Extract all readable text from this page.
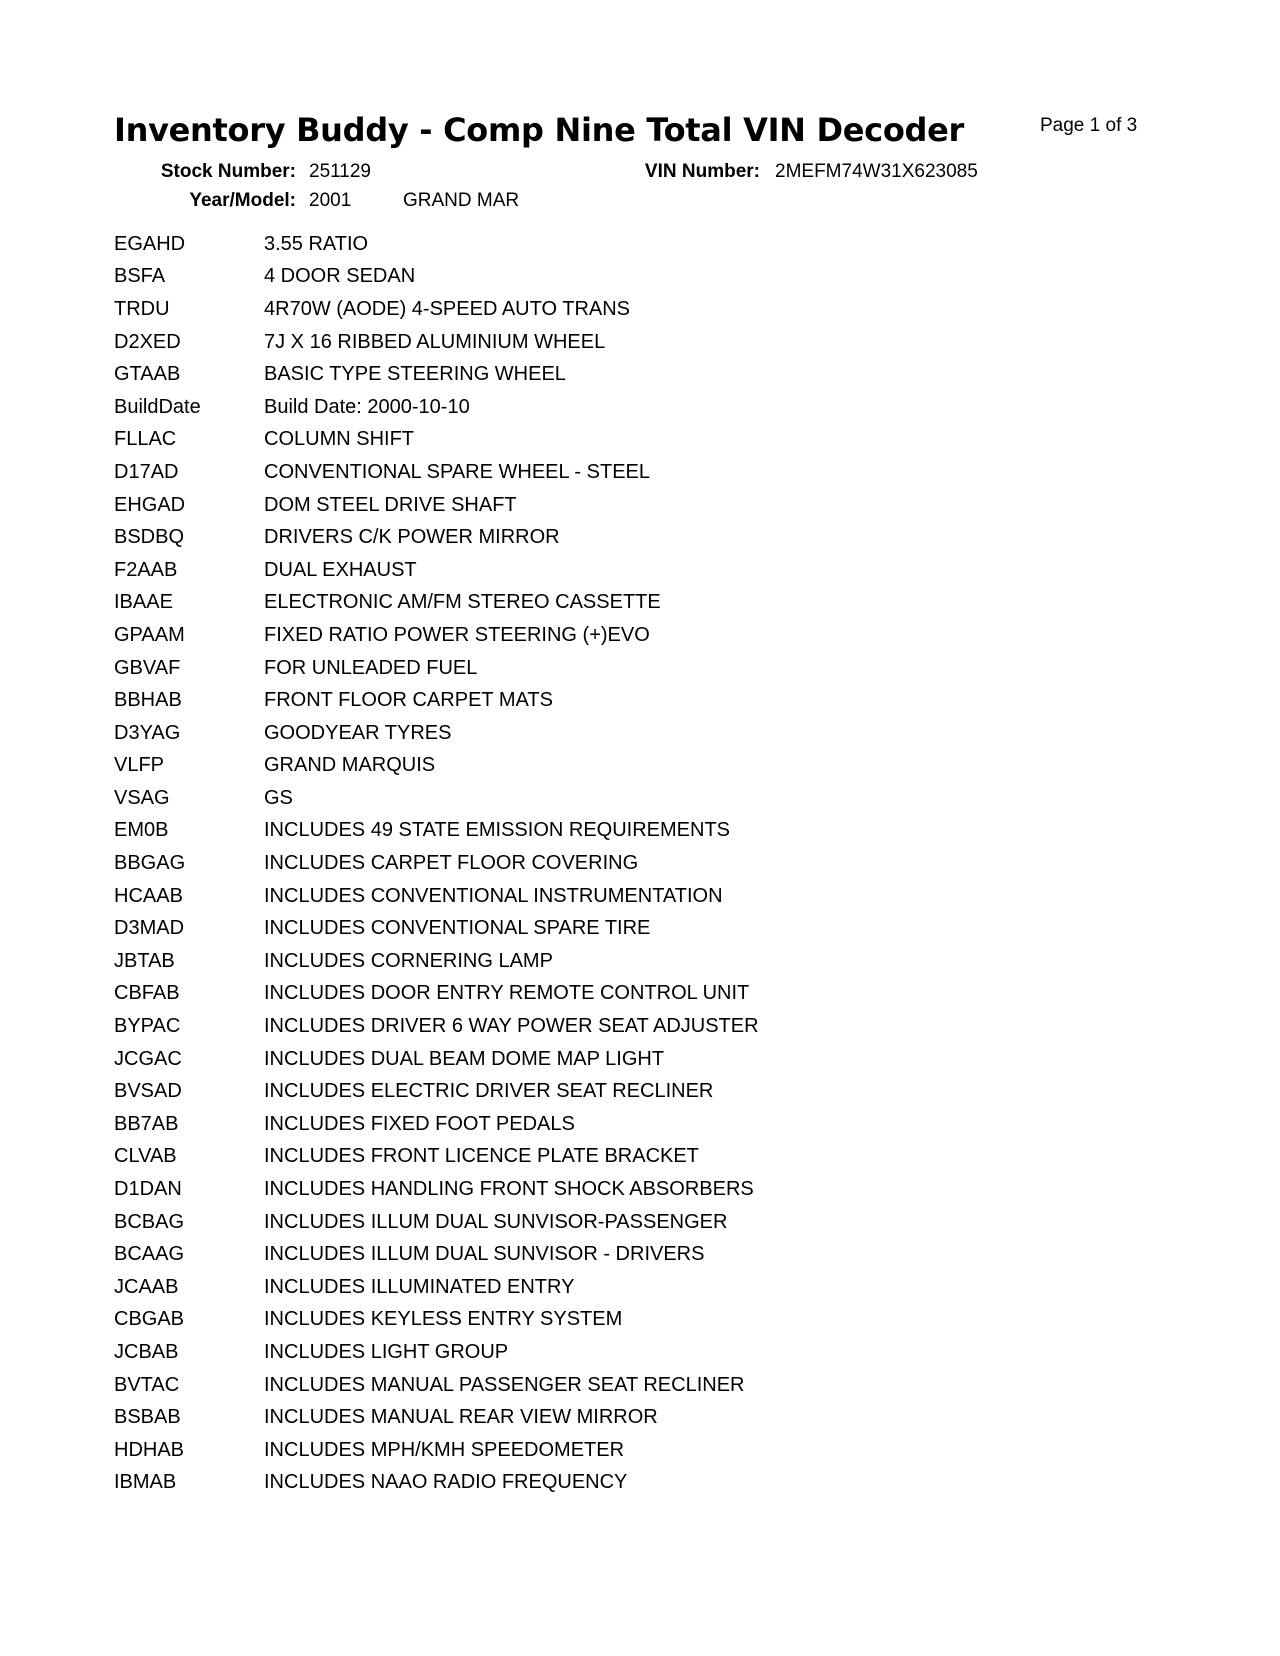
Inventory Buddy - Comp Nine Total VIN Decoder	Page 1 of 3
Stock Number: 251129	VIN Number: 2MEFM74W31X623085
Year/Model: 2001	GRAND MAR
EGAHD	3.55 RATIO
BSFA	4 DOOR SEDAN
TRDU	4R70W (AODE) 4-SPEED AUTO TRANS
D2XED	7J X 16 RIBBED ALUMINIUM WHEEL
GTAAB	BASIC TYPE STEERING WHEEL
BuildDate	Build Date: 2000-10-10
FLLAC	COLUMN SHIFT
D17AD	CONVENTIONAL SPARE WHEEL - STEEL
EHGAD	DOM STEEL DRIVE SHAFT
BSDBQ	DRIVERS C/K POWER MIRROR
F2AAB	DUAL EXHAUST
IBAAE	ELECTRONIC AM/FM STEREO CASSETTE
GPAAM	FIXED RATIO POWER STEERING (+)EVO
GBVAF	FOR UNLEADED FUEL
BBHAB	FRONT FLOOR CARPET MATS
D3YAG	GOODYEAR TYRES
VLFP	GRAND MARQUIS
VSAG	GS
EM0B	INCLUDES 49 STATE EMISSION REQUIREMENTS
BBGAG	INCLUDES CARPET FLOOR COVERING
HCAAB	INCLUDES CONVENTIONAL INSTRUMENTATION
D3MAD	INCLUDES CONVENTIONAL SPARE TIRE
JBTAB	INCLUDES CORNERING LAMP
CBFAB	INCLUDES DOOR ENTRY REMOTE CONTROL UNIT
BYPAC	INCLUDES DRIVER 6 WAY POWER SEAT ADJUSTER
JCGAC	INCLUDES DUAL BEAM DOME MAP LIGHT
BVSAD	INCLUDES ELECTRIC DRIVER SEAT RECLINER
BB7AB	INCLUDES FIXED FOOT PEDALS
CLVAB	INCLUDES FRONT LICENCE PLATE BRACKET
D1DAN	INCLUDES HANDLING FRONT SHOCK ABSORBERS
BCBAG	INCLUDES ILLUM DUAL SUNVISOR-PASSENGER
BCAAG	INCLUDES ILLUM DUAL SUNVISOR - DRIVERS
JCAAB	INCLUDES ILLUMINATED ENTRY
CBGAB	INCLUDES KEYLESS ENTRY SYSTEM
JCBAB	INCLUDES LIGHT GROUP
BVTAC	INCLUDES MANUAL PASSENGER SEAT RECLINER
BSBAB	INCLUDES MANUAL REAR VIEW MIRROR
HDHAB	INCLUDES MPH/KMH SPEEDOMETER
IBMAB	INCLUDES NAAO RADIO FREQUENCY
